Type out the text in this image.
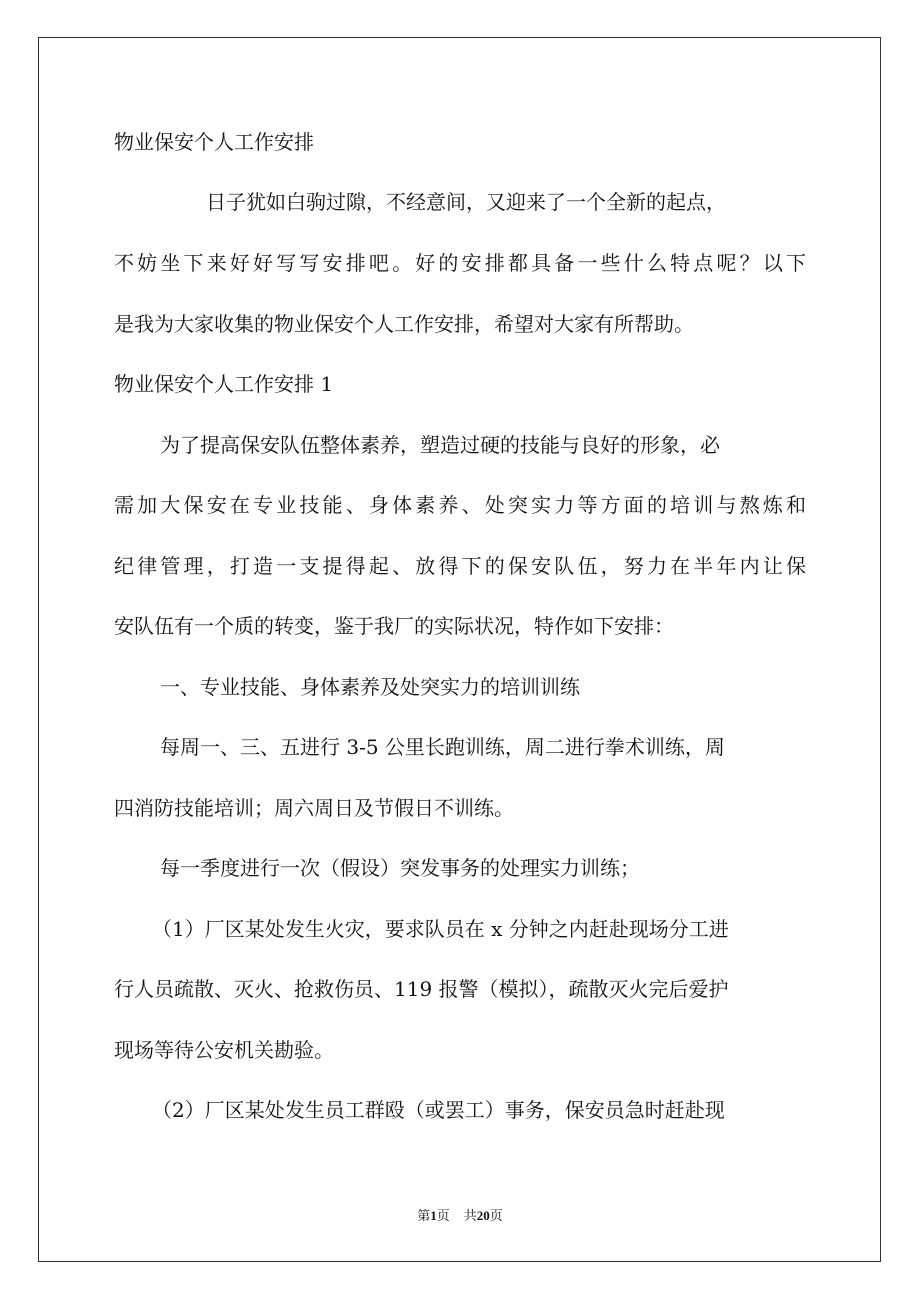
物业保安个人工作安排
日子犹如白驹过隙，不经意间，又迎来了一个全新的起点，
不妨坐下来好好写写安排吧。好的安排都具备一些什么特点呢？以下
是我为大家收集的物业保安个人工作安排，希望对大家有所帮助。
物业保安个人工作安排 1
为了提高保安队伍整体素养，塑造过硬的技能与良好的形象，必
需加大保安在专业技能、身体素养、处突实力等方面的培训与熬炼和
纪律管理，打造一支提得起、放得下的保安队伍，努力在半年内让保
安队伍有一个质的转变，鉴于我厂的实际状况，特作如下安排：
一、专业技能、身体素养及处突实力的培训训练
每周一、三、五进行 3-5 公里长跑训练，周二进行拳术训练，周
四消防技能培训；周六周日及节假日不训练。
每一季度进行一次（假设）突发事务的处理实力训练；
（1）厂区某处发生火灾，要求队员在 x 分钟之内赶赴现场分工进
行人员疏散、灭火、抢救伤员、119 报警（模拟），疏散灭火完后爱护
现场等待公安机关勘验。
（2）厂区某处发生员工群殴（或罢工）事务，保安员急时赶赴现
第1页 共20页
